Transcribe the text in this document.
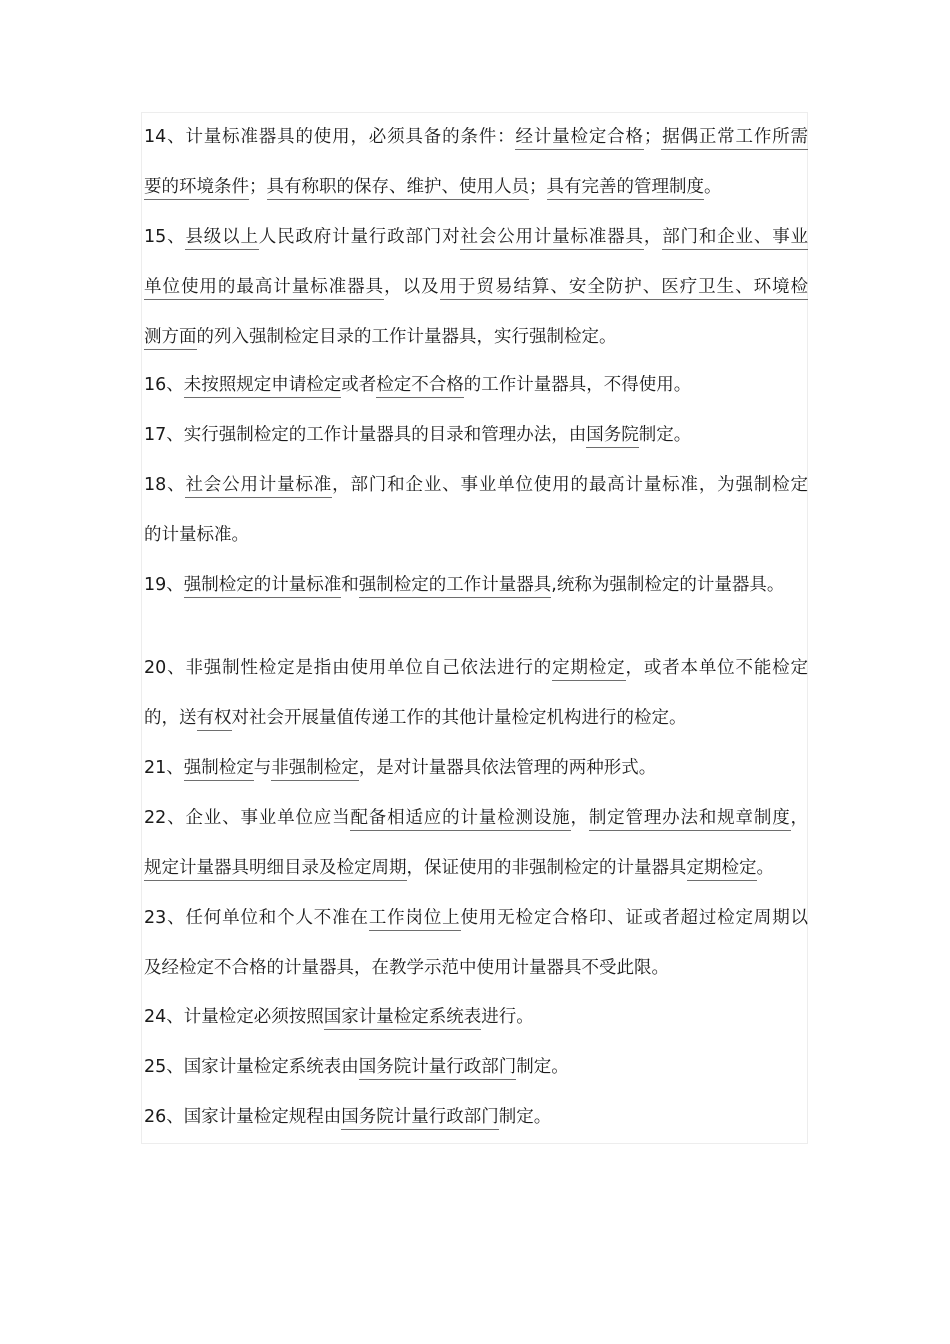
14、计量标准器具的使用，必须具备的条件：经计量检定合格；据偶正常工作所需
要的环境条件；具有称职的保存、维护、使用人员；具有完善的管理制度。
15、县级以上人民政府计量行政部门对社会公用计量标准器具，部门和企业、事业
单位使用的最高计量标准器具，以及用于贸易结算、安全防护、医疗卫生、环境检
测方面的列入强制检定目录的工作计量器具，实行强制检定。
16、未按照规定申请检定或者检定不合格的工作计量器具，不得使用。
17、实行强制检定的工作计量器具的目录和管理办法，由国务院制定。
18、社会公用计量标准，部门和企业、事业单位使用的最高计量标准，为强制检定
的计量标准。
19、强制检定的计量标准和强制检定的工作计量器具,统称为强制检定的计量器具。
20、非强制性检定是指由使用单位自己依法进行的定期检定，或者本单位不能检定
的，送有权对社会开展量值传递工作的其他计量检定机构进行的检定。
21、强制检定与非强制检定，是对计量器具依法管理的两种形式。
22、企业、事业单位应当配备相适应的计量检测设施，制定管理办法和规章制度，
规定计量器具明细目录及检定周期，保证使用的非强制检定的计量器具定期检定。
23、任何单位和个人不准在工作岗位上使用无检定合格印、证或者超过检定周期以
及经检定不合格的计量器具，在教学示范中使用计量器具不受此限。
24、计量检定必须按照国家计量检定系统表进行。
25、国家计量检定系统表由国务院计量行政部门制定。
26、国家计量检定规程由国务院计量行政部门制定。
